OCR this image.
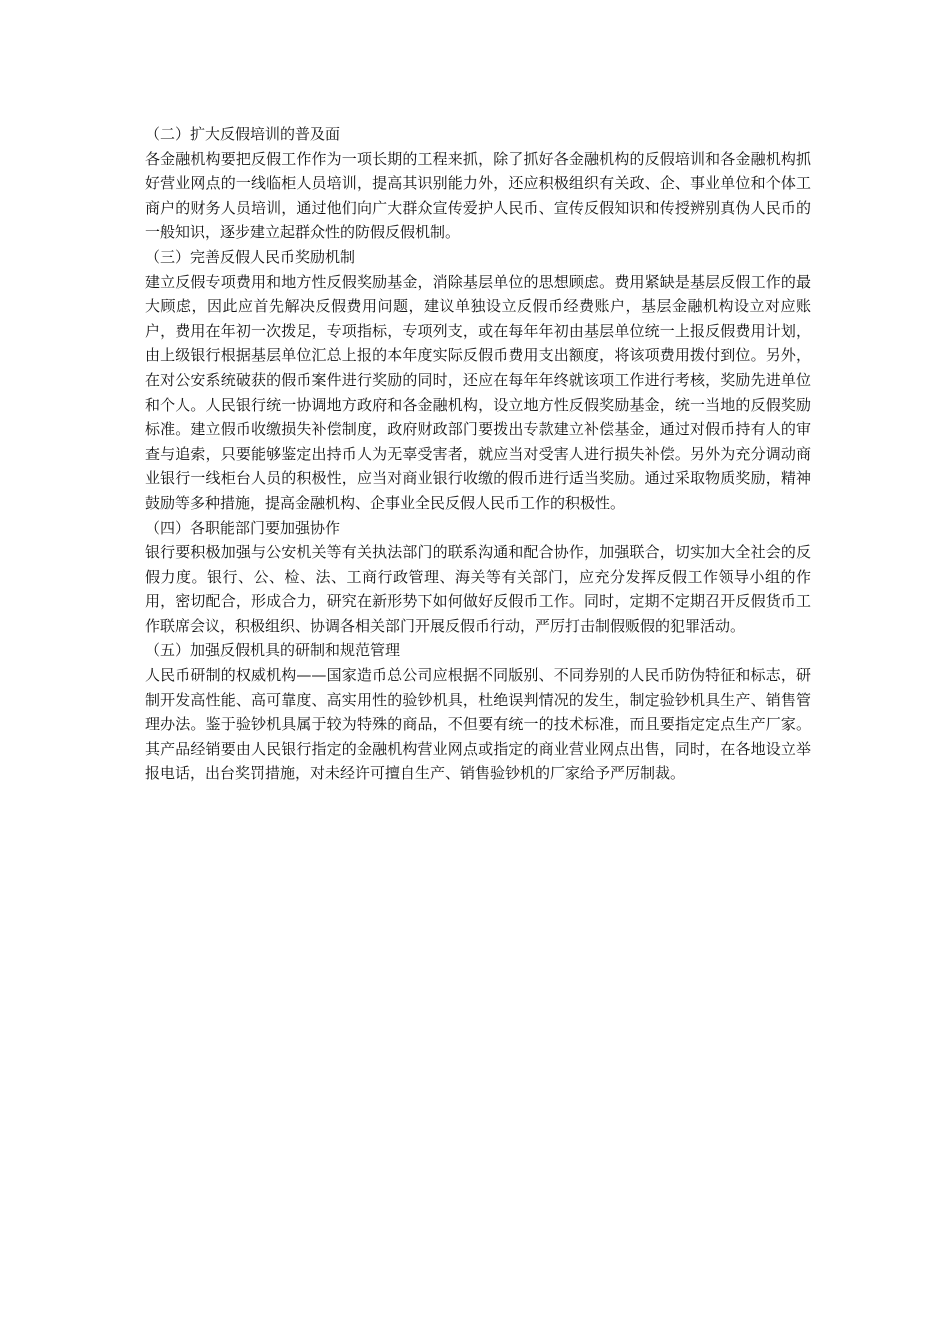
（二）扩大反假培训的普及面

各金融机构要把反假工作作为一项长期的工程来抓，除了抓好各金融机构的反假培训和各金融机构抓好营业网点的一线临柜人员培训，提高其识别能力外，还应积极组织有关政、企、事业单位和个体工商户的财务人员培训，通过他们向广大群众宣传爱护人民币、宣传反假知识和传授辨别真伪人民币的一般知识，逐步建立起群众性的防假反假机制。

（三）完善反假人民币奖励机制

建立反假专项费用和地方性反假奖励基金，消除基层单位的思想顾虑。费用紧缺是基层反假工作的最大顾虑，因此应首先解决反假费用问题，建议单独设立反假币经费账户，基层金融机构设立对应账户，费用在年初一次拨足，专项指标，专项列支，或在每年年初由基层单位统一上报反假费用计划，由上级银行根据基层单位汇总上报的本年度实际反假币费用支出额度，将该项费用拨付到位。另外，在对公安系统破获的假币案件进行奖励的同时，还应在每年年终就该项工作进行考核，奖励先进单位和个人。人民银行统一协调地方政府和各金融机构，设立地方性反假奖励基金，统一当地的反假奖励标准。建立假币收缴损失补偿制度，政府财政部门要拨出专款建立补偿基金，通过对假币持有人的审查与追索，只要能够鉴定出持币人为无辜受害者，就应当对受害人进行损失补偿。另外为充分调动商业银行一线柜台人员的积极性，应当对商业银行收缴的假币进行适当奖励。通过采取物质奖励，精神鼓励等多种措施，提高金融机构、企事业全民反假人民币工作的积极性。

（四）各职能部门要加强协作

银行要积极加强与公安机关等有关执法部门的联系沟通和配合协作，加强联合，切实加大全社会的反假力度。银行、公、检、法、工商行政管理、海关等有关部门，应充分发挥反假工作领导小组的作用，密切配合，形成合力，研究在新形势下如何做好反假币工作。同时，定期不定期召开反假货币工作联席会议，积极组织、协调各相关部门开展反假币行动，严厉打击制假贩假的犯罪活动。

（五）加强反假机具的研制和规范管理

人民币研制的权威机构——国家造币总公司应根据不同版别、不同券别的人民币防伪特征和标志，研制开发高性能、高可靠度、高实用性的验钞机具，杜绝误判情况的发生，制定验钞机具生产、销售管理办法。鉴于验钞机具属于较为特殊的商品，不但要有统一的技术标准，而且要指定定点生产厂家。其产品经销要由人民银行指定的金融机构营业网点或指定的商业营业网点出售，同时，在各地设立举报电话，出台奖罚措施，对未经许可擅自生产、销售验钞机的厂家给予严厉制裁。
